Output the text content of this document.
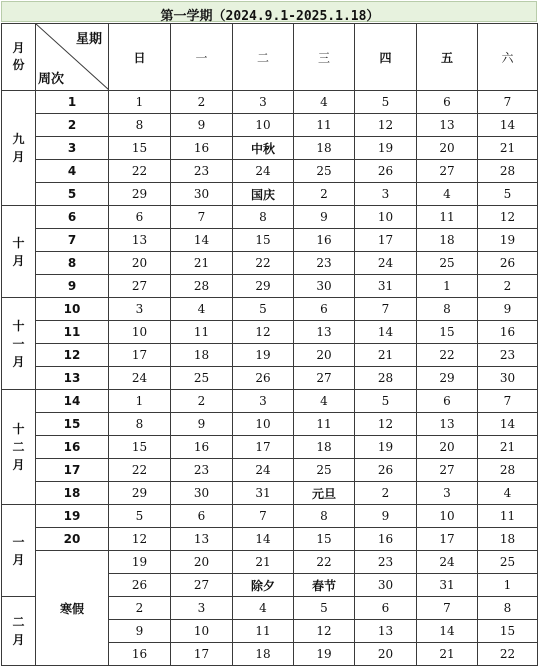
第一学期（2024.9.1-2025.1.18）
月
份	星期
周次	日	一	二	三	四	五	六

九
月	1	1	2	3	4	5	6	7
	2	8	9	10	11	12	13	14
	3	15	16	中秋	18	19	20	21
	4	22	23	24	25	26	27	28
	5	29	30	国庆	2	3	4	5

十
月	6	6	7	8	9	10	11	12
	7	13	14	15	16	17	18	19
	8	20	21	22	23	24	25	26
	9	27	28	29	30	31	1	2

十
一
月	10	3	4	5	6	7	8	9
	11	10	11	12	13	14	15	16
	12	17	18	19	20	21	22	23
	13	24	25	26	27	28	29	30

十
二
月	14	1	2	3	4	5	6	7
	15	8	9	10	11	12	13	14
	16	15	16	17	18	19	20	21
	17	22	23	24	25	26	27	28
	18	29	30	31	元旦	2	3	4

一
月	19	5	6	7	8	9	10	11
	20	12	13	14	15	16	17	18
	寒假	19	20	21	22	23	24	25
		26	27	除夕	春节	30	31	1

二
月		2	3	4	5	6	7	8
		9	10	11	12	13	14	15
		16	17	18	19	20	21	22
